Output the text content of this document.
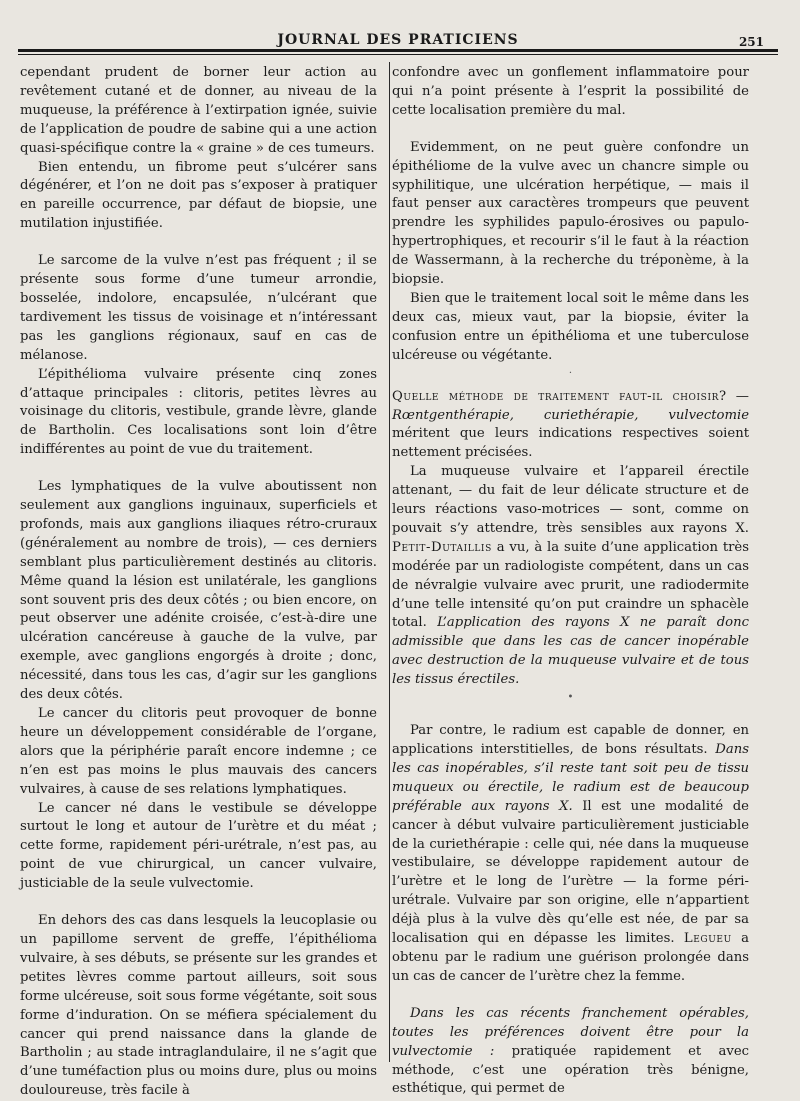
JOURNAL DES PRATICIENS	251

cependant prudent de borner leur action au revêtement cutané et de donner, au niveau de la muqueuse, la préférence à l’extirpation ignée, suivie de l’application de poudre de sabine qui a une action quasi-spécifique contre la « graine » de ces tumeurs.

Bien entendu, un fibrome peut s’ulcérer sans dégénérer, et l’on ne doit pas s’exposer à pratiquer en pareille occurrence, par défaut de biopsie, une mutilation injustifiée.

Le sarcome de la vulve n’est pas fréquent ; il se présente sous forme d’une tumeur arrondie, bosselée, indolore, encapsulée, n’ulcérant que tardivement les tissus de voisinage et n’intéressant pas les ganglions régionaux, sauf en cas de mélanose.

L’épithélioma vulvaire présente cinq zones d’attaque principales : clitoris, petites lèvres au voisinage du clitoris, vestibule, grande lèvre, glande de Bartholin. Ces localisations sont loin d’être indifférentes au point de vue du traitement.

Les lymphatiques de la vulve aboutissent non seulement aux ganglions inguinaux, superficiels et profonds, mais aux ganglions iliaques rétro-cruraux (généralement au nombre de trois), — ces derniers semblant plus particulièrement destinés au clitoris. Même quand la lésion est unilatérale, les ganglions sont souvent pris des deux côtés ; ou bien encore, on peut observer une adénite croisée, c’est-à-dire une ulcération cancéreuse à gauche de la vulve, par exemple, avec ganglions engorgés à droite ; donc, nécessité, dans tous les cas, d’agir sur les ganglions des deux côtés.

Le cancer du clitoris peut provoquer de bonne heure un développement considérable de l’organe, alors que la périphérie paraît encore indemne ; ce n’en est pas moins le plus mauvais des cancers vulvaires, à cause de ses relations lymphatiques.

Le cancer né dans le vestibule se développe surtout le long et autour de l’urètre et du méat ; cette forme, rapidement péri-urétrale, n’est pas, au point de vue chirurgical, un cancer vulvaire, justiciable de la seule vulvectomie.

En dehors des cas dans lesquels la leucoplasie ou un papillome servent de greffe, l’épithélioma vulvaire, à ses débuts, se présente sur les grandes et petites lèvres comme partout ailleurs, soit sous forme ulcéreuse, soit sous forme végétante, soit sous forme d’induration. On se méfiera spécialement du cancer qui prend naissance dans la glande de Bartholin ; au stade intraglandulaire, il ne s’agit que d’une tuméfaction plus ou moins dure, plus ou moins douloureuse, très facile à

confondre avec un gonflement inflammatoire pour qui n’a point présente à l’esprit la possibilité de cette localisation première du mal.

Evidemment, on ne peut guère confondre un épithéliome de la vulve avec un chancre simple ou syphilitique, une ulcération herpétique, — mais il faut penser aux caractères trompeurs que peuvent prendre les syphilides papulo-érosives ou papulo-hypertrophiques, et recourir s’il le faut à la réaction de Wassermann, à la recherche du tréponème, à la biopsie.

Bien que le traitement local soit le même dans les deux cas, mieux vaut, par la biopsie, éviter la confusion entre un épithélioma et une tuberculose ulcéreuse ou végétante.

·

Quelle méthode de traitement faut-il choisir? — Rœntgenthérapie, curiethérapie, vulvectomie méritent que leurs indications respectives soient nettement précisées.

La muqueuse vulvaire et l’appareil érectile attenant, — du fait de leur délicate structure et de leurs réactions vaso-motrices — sont, comme on pouvait s’y attendre, très sensibles aux rayons X. Petit-Dutaillis a vu, à la suite d’une application très modérée par un radiologiste compétent, dans un cas de névralgie vulvaire avec prurit, une radiodermite d’une telle intensité qu’on put craindre un sphacèle total. L’application des rayons X ne paraît donc admissible que dans les cas de cancer inopérable avec destruction de la muqueuse vulvaire et de tous les tissus érectiles.

•

Par contre, le radium est capable de donner, en applications interstitielles, de bons résultats. Dans les cas inopérables, s’il reste tant soit peu de tissu muqueux ou érectile, le radium est de beaucoup préférable aux rayons X. Il est une modalité de cancer à début vulvaire particulièrement justiciable de la curiethérapie : celle qui, née dans la muqueuse vestibulaire, se développe rapidement autour de l’urètre et le long de l’urètre — la forme péri-urétrale. Vulvaire par son origine, elle n’appartient déjà plus à la vulve dès qu’elle est née, de par sa localisation qui en dépasse les limites. Legueu a obtenu par le radium une guérison prolongée dans un cas de cancer de l’urètre chez la femme.

Dans les cas récents franchement opérables, toutes les préférences doivent être pour la vulvectomie : pratiquée rapidement et avec méthode, c’est une opération très bénigne, esthétique, qui permet de
